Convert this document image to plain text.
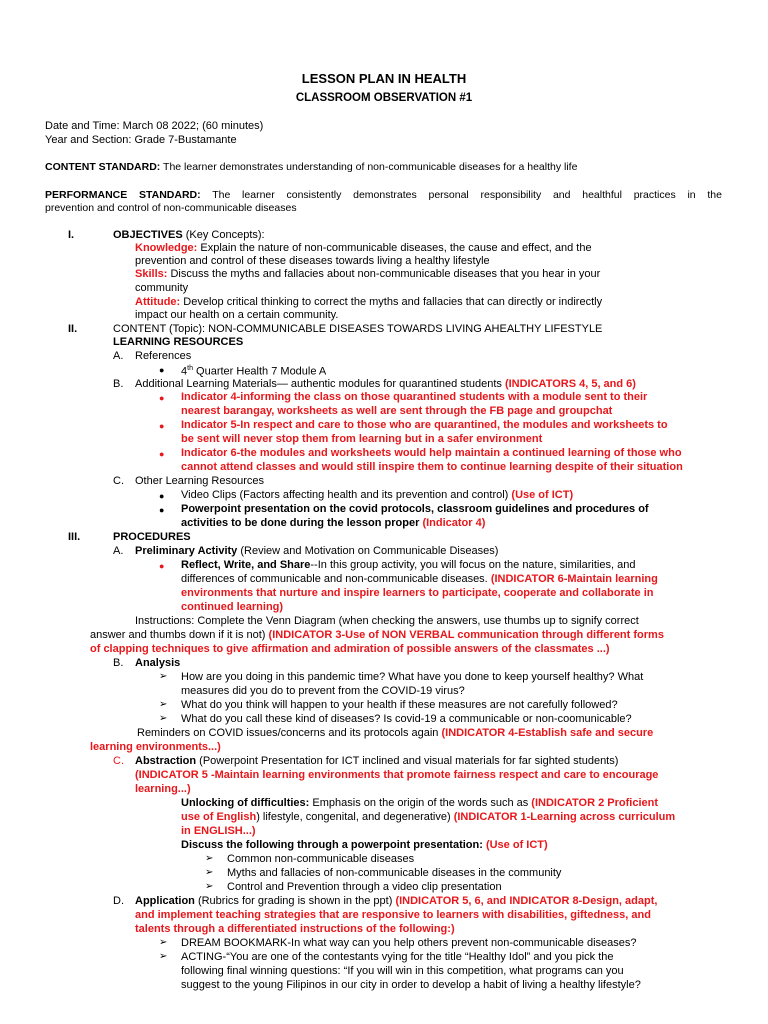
LESSON PLAN IN HEALTH
CLASSROOM OBSERVATION #1
Date and Time: March 08 2022; (60 minutes)
Year and Section: Grade 7-Bustamante
CONTENT STANDARD: The learner demonstrates understanding of non-communicable diseases for a healthy life
PERFORMANCE STANDARD: The learner consistently demonstrates personal responsibility and healthful practices in the
prevention and control of non-communicable diseases
I.	OBJECTIVES (Key Concepts):
Knowledge: Explain the nature of non-communicable diseases, the cause and effect, and the
prevention and control of these diseases towards living a healthy lifestyle
Skills: Discuss the myths and fallacies about non-communicable diseases that you hear in your
community
Attitude: Develop critical thinking to correct the myths and fallacies that can directly or indirectly
impact our health on a certain community.
II.	CONTENT (Topic): NON-COMMUNICABLE DISEASES TOWARDS LIVING AHEALTHY LIFESTYLE
LEARNING RESOURCES
A. References
● 4th Quarter Health 7 Module A
B. Additional Learning Materials— authentic modules for quarantined students (INDICATORS 4, 5, and 6)
● Indicator 4-informing the class on those quarantined students with a module sent to their
nearest barangay, worksheets as well are sent through the FB page and groupchat
● Indicator 5-In respect and care to those who are quarantined, the modules and worksheets to
be sent will never stop them from learning but in a safer environment
● Indicator 6-the modules and worksheets would help maintain a continued learning of those who
cannot attend classes and would still inspire them to continue learning despite of their situation
C. Other Learning Resources
● Video Clips (Factors affecting health and its prevention and control) (Use of ICT)
● Powerpoint presentation on the covid protocols, classroom guidelines and procedures of
activities to be done during the lesson proper (Indicator 4)
III.	PROCEDURES
A. Preliminary Activity (Review and Motivation on Communicable Diseases)
● Reflect, Write, and Share--In this group activity, you will focus on the nature, similarities, and
differences of communicable and non-communicable diseases. (INDICATOR 6-Maintain learning
environments that nurture and inspire learners to participate, cooperate and collaborate in
continued learning)
Instructions: Complete the Venn Diagram (when checking the answers, use thumbs up to signify correct
answer and thumbs down if it is not) (INDICATOR 3-Use of NON VERBAL communication through different forms
of clapping techniques to give affirmation and admiration of possible answers of the classmates ...)
B. Analysis
➢ How are you doing in this pandemic time? What have you done to keep yourself healthy? What
measures did you do to prevent from the COVID-19 virus?
➢ What do you think will happen to your health if these measures are not carefully followed?
➢ What do you call these kind of diseases? Is covid-19 a communicable or non-coomunicable?
Reminders on COVID issues/concerns and its protocols again (INDICATOR 4-Establish safe and secure
learning environments...)
C. Abstraction (Powerpoint Presentation for ICT inclined and visual materials for far sighted students)
(INDICATOR 5 -Maintain learning environments that promote fairness respect and care to encourage
learning...)
Unlocking of difficulties: Emphasis on the origin of the words such as (INDICATOR 2 Proficient
use of English) lifestyle, congenital, and degenerative) (INDICATOR 1-Learning across curriculum
in ENGLISH...)
Discuss the following through a powerpoint presentation: (Use of ICT)
➢ Common non-communicable diseases
➢ Myths and fallacies of non-communicable diseases in the community
➢ Control and Prevention through a video clip presentation
D. Application (Rubrics for grading is shown in the ppt) (INDICATOR 5, 6, and INDICATOR 8-Design, adapt,
and implement teaching strategies that are responsive to learners with disabilities, giftedness, and
talents through a differentiated instructions of the following:)
➢ DREAM BOOKMARK-In what way can you help others prevent non-communicable diseases?
➢ ACTING-“You are one of the contestants vying for the title “Healthy Idol” and you pick the
following final winning questions: “If you will win in this competition, what programs can you
suggest to the young Filipinos in our city in order to develop a habit of living a healthy lifestyle?
